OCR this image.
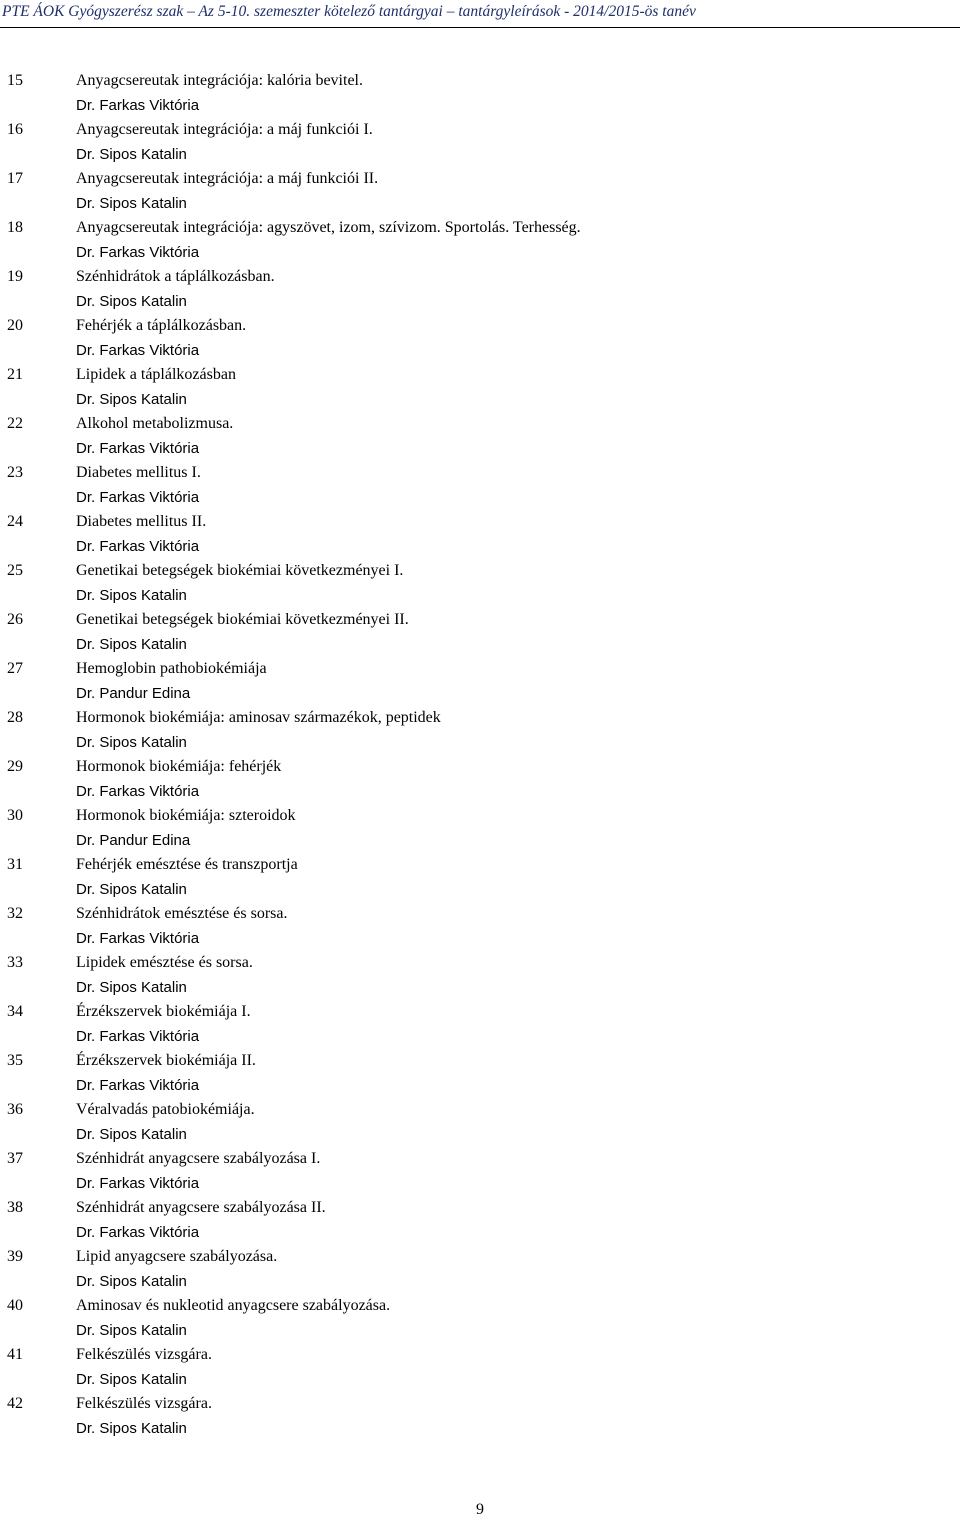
PTE ÁOK Gyógyszerész szak – Az 5-10. szemeszter kötelező tantárgyai – tantárgyleírások - 2014/2015-ös tanév
15	Anyagcsereutak integrációja: kalória bevitel.
Dr. Farkas Viktória
16	Anyagcsereutak integrációja: a máj funkciói I.
Dr. Sipos Katalin
17	Anyagcsereutak integrációja: a máj funkciói II.
Dr. Sipos Katalin
18	Anyagcsereutak integrációja: agyszövet, izom, szívizom. Sportolás. Terhesség.
Dr. Farkas Viktória
19	Szénhidrátok a táplálkozásban.
Dr. Sipos Katalin
20	Fehérjék a táplálkozásban.
Dr. Farkas Viktória
21	Lipidek a táplálkozásban
Dr. Sipos Katalin
22	Alkohol metabolizmusa.
Dr. Farkas Viktória
23	Diabetes mellitus I.
Dr. Farkas Viktória
24	Diabetes mellitus II.
Dr. Farkas Viktória
25	Genetikai betegségek biokémiai következményei I.
Dr. Sipos Katalin
26	Genetikai betegségek biokémiai következményei II.
Dr. Sipos Katalin
27	Hemoglobin pathobiokémiája
Dr. Pandur Edina
28	Hormonok biokémiája: aminosav származékok, peptidek
Dr. Sipos Katalin
29	Hormonok biokémiája: fehérjék
Dr. Farkas Viktória
30	Hormonok biokémiája: szteroidok
Dr. Pandur Edina
31	Fehérjék emésztése és transzportja
Dr. Sipos Katalin
32	Szénhidrátok emésztése és sorsa.
Dr. Farkas Viktória
33	Lipidek emésztése és sorsa.
Dr. Sipos Katalin
34	Érzékszervek biokémiája I.
Dr. Farkas Viktória
35	Érzékszervek biokémiája II.
Dr. Farkas Viktória
36	Véralvadás patobiokémiája.
Dr. Sipos Katalin
37	Szénhidrát anyagcsere szabályozása I.
Dr. Farkas Viktória
38	Szénhidrát anyagcsere szabályozása II.
Dr. Farkas Viktória
39	Lipid anyagcsere szabályozása.
Dr. Sipos Katalin
40	Aminosav és nukleotid anyagcsere szabályozása.
Dr. Sipos Katalin
41	Felkészülés vizsgára.
Dr. Sipos Katalin
42	Felkészülés vizsgára.
Dr. Sipos Katalin
9
